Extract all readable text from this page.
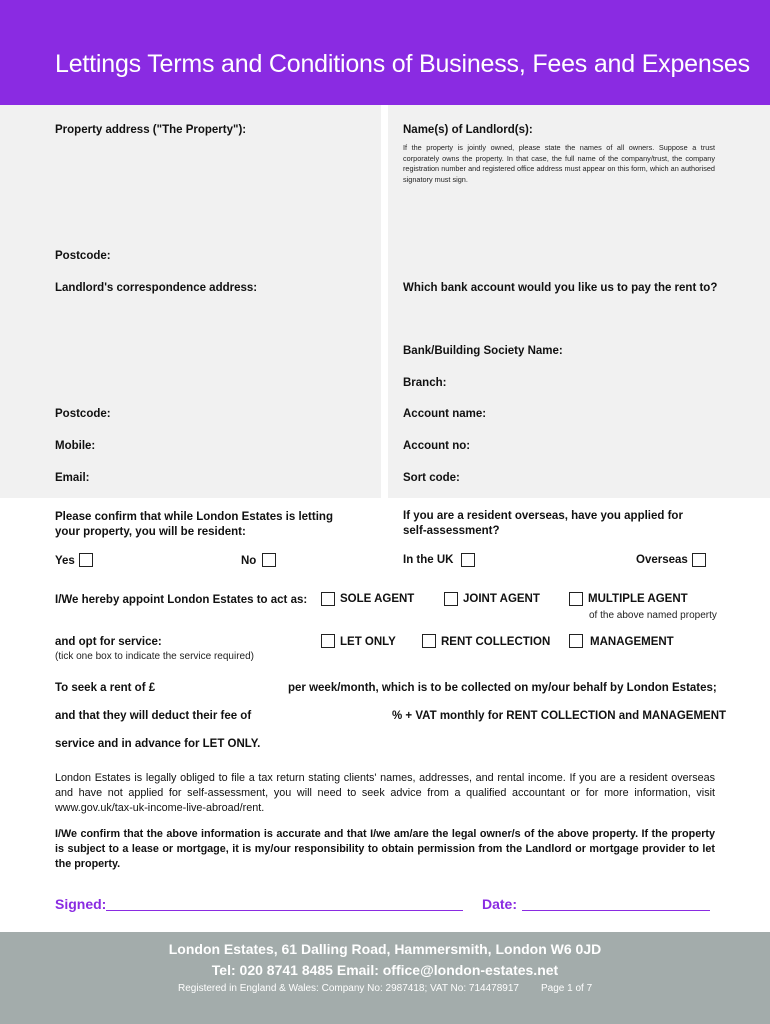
Lettings Terms and Conditions of Business, Fees and Expenses
Property address ("The Property"):
Postcode:
Landlord's correspondence address:
Postcode:
Mobile:
Email:
Name(s) of Landlord(s):
If the property is jointly owned, please state the names of all owners. Suppose a trust corporately owns the property. In that case, the full name of the company/trust, the company registration number and registered office address must appear on this form, which an authorised signatory must sign.
Which bank account would you like us to pay the rent to?
Bank/Building Society Name:
Branch:
Account name:
Account no:
Sort code:
Please confirm that while London Estates is letting
your property, you will be resident:
Yes	No
If you are a resident overseas, have you applied for
self-assessment?
In the UK	Overseas
I/We hereby appoint London Estates to act as:	SOLE AGENT	JOINT AGENT	MULTIPLE AGENT
of the above named property
and opt for service:
(tick one box to indicate the service required)
LET ONLY	RENT COLLECTION	MANAGEMENT
To seek a rent of £	per week/month, which is to be collected on my/our behalf by London Estates;
and that they will deduct their fee of	% + VAT monthly for RENT COLLECTION and MANAGEMENT
service and in advance for LET ONLY.
London Estates is legally obliged to file a tax return stating clients' names, addresses, and rental income. If you are a resident overseas and have not applied for self-assessment, you will need to seek advice from a qualified accountant or for more information, visit www.gov.uk/tax-uk-income-live-abroad/rent.
I/We confirm that the above information is accurate and that I/we am/are the legal owner/s of the above property. If the property is subject to a lease or mortgage, it is my/our responsibility to obtain permission from the Landlord or mortgage provider to let the property.
Signed:	Date:
London Estates, 61 Dalling Road, Hammersmith, London W6 0JD
Tel: 020 8741 8485 Email: office@london-estates.net
Registered in England & Wales: Company No: 2987418; VAT No: 714478917 Page 1 of 7
